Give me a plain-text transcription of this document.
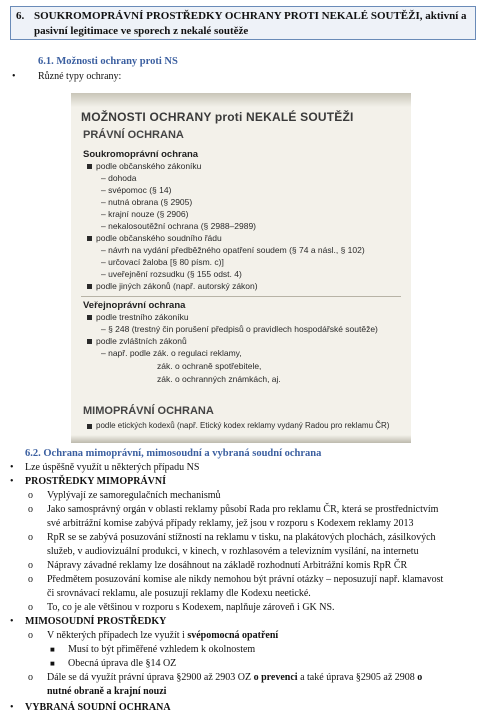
6. SOUKROMOPRÁVNÍ PROSTŘEDKY OCHRANY PROTI NEKALÉ SOUTĚŽI, aktivní a
pasivní legitimace ve sporech z nekalé soutěže
6.1. Možnosti ochrany proti NS
• Různé typy ochrany:
MOŽNOSTI OCHRANY proti NEKALÉ SOUTĚŽI
PRÁVNÍ OCHRANA
Soukromoprávní ochrana
podle občanského zákoníku
– dohoda
– svépomoc (§ 14)
– nutná obrana (§ 2905)
– krajní nouze (§ 2906)
– nekalosoutěžní ochrana (§ 2988–2989)
podle občanského soudního řádu
– návrh na vydání předběžného opatření soudem (§ 74 a násl., § 102)
– určovací žaloba [§ 80 písm. c)]
– uveřejnění rozsudku (§ 155 odst. 4)
podle jiných zákonů (např. autorský zákon)
Veřejnoprávní ochrana
podle trestního zákoníku
– § 248 (trestný čin porušení předpisů o pravidlech hospodářské soutěže)
podle zvláštních zákonů
– např. podle zák. o regulaci reklamy,
zák. o ochraně spotřebitele,
zák. o ochranných známkách, aj.
MIMOPRÁVNÍ OCHRANA
podle etických kodexů (např. Etický kodex reklamy vydaný Radou pro reklamu ČR)
6.2. Ochrana mimoprávní, mimosoudní a vybraná soudní ochrana
• Lze úspěšně využít u některých případu NS
• PROSTŘEDKY MIMOPRÁVNÍ
o Vyplývají ze samoregulačních mechanismů
o Jako samosprávný orgán v oblasti reklamy působí Rada pro reklamu ČR, která se prostřednictvím
své arbitrážní komise zabývá případy reklamy, jež jsou v rozporu s Kodexem reklamy 2013
o RpR se se zabývá posuzování stížností na reklamu v tisku, na plakátových plochách, zásilkových
služeb, v audiovizuální produkci, v kinech, v rozhlasovém a televizním vysílání, na internetu
o Nápravy závadné reklamy lze dosáhnout na základě rozhodnutí Arbitrážní komis RpR ČR
o Předmětem posuzování komise ale nikdy nemohou být právní otázky – neposuzují např. klamavost
či srovnávací reklamu, ale posuzují reklamy dle Kodexu neetické.
o To, co je ale většinou v rozporu s Kodexem, naplňuje zároveň i GK NS.
• MIMOSOUDNÍ PROSTŘEDKY
o V některých případech lze využít i svépomocná opatření
■ Musí to být přiměřené vzhledem k okolnostem
■ Obecná úprava dle §14 OZ
o Dále se dá využít právní úprava §2900 až 2903 OZ o prevenci a také úprava §2905 až 2908 o
nutné obraně a krajní nouzi
• VYBRANÁ SOUDNÍ OCHRANA
